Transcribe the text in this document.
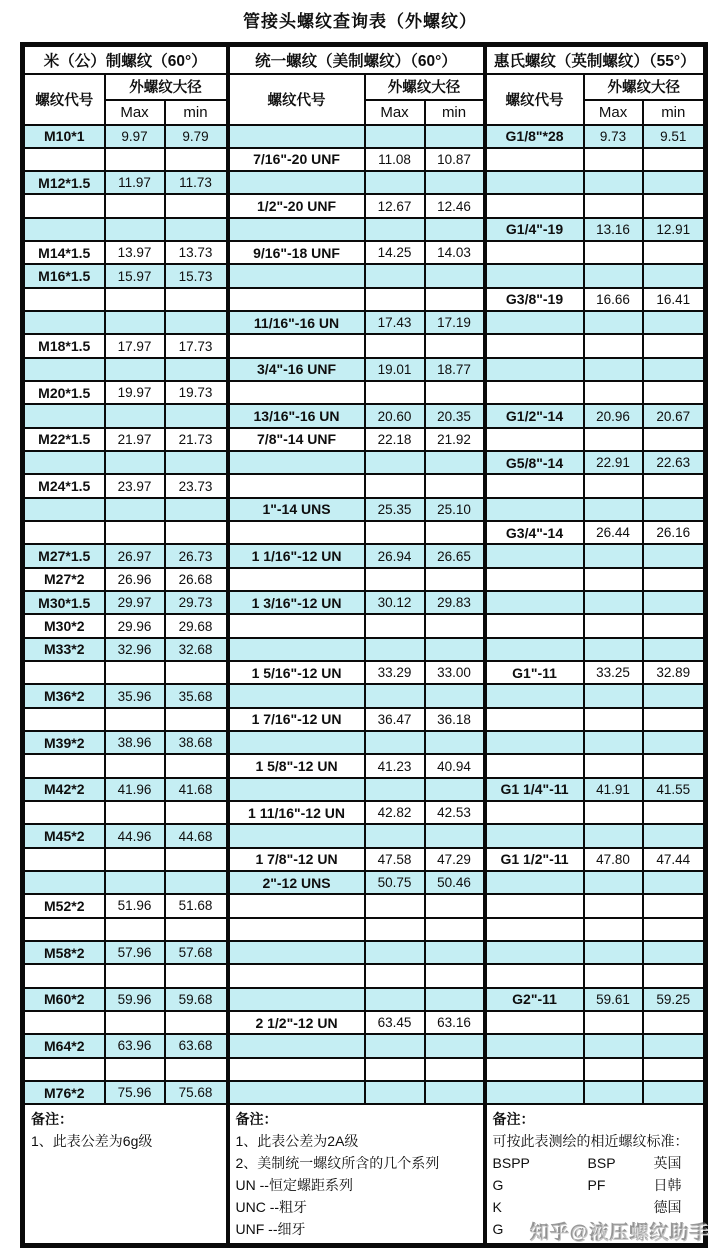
管接头螺纹查询表（外螺纹）
米（公）制螺纹（60°）			统一螺纹（美制螺纹）（60°）			惠氏螺纹（英制螺纹）（55°）		
螺纹代号	外螺纹大径		螺纹代号	外螺纹大径		螺纹代号	外螺纹大径	
	Max	min		Max	min		Max	min
M10*1	9.97	9.79				G1/8"*28	9.73	9.51
			7/16"-20 UNF	11.08	10.87			
M12*1.5	11.97	11.73						
			1/2"-20 UNF	12.67	12.46			
						G1/4"-19	13.16	12.91
M14*1.5	13.97	13.73	9/16"-18 UNF	14.25	14.03			
M16*1.5	15.97	15.73						
						G3/8"-19	16.66	16.41
			11/16"-16 UN	17.43	17.19			
M18*1.5	17.97	17.73						
			3/4"-16 UNF	19.01	18.77			
M20*1.5	19.97	19.73						
			13/16"-16 UN	20.60	20.35	G1/2"-14	20.96	20.67
M22*1.5	21.97	21.73	7/8"-14 UNF	22.18	21.92			
						G5/8"-14	22.91	22.63
M24*1.5	23.97	23.73						
			1"-14 UNS	25.35	25.10			
						G3/4"-14	26.44	26.16
M27*1.5	26.97	26.73	1 1/16"-12 UN	26.94	26.65			
M27*2	26.96	26.68						
M30*1.5	29.97	29.73	1 3/16"-12 UN	30.12	29.83			
M30*2	29.96	29.68						
M33*2	32.96	32.68						
			1 5/16"-12 UN	33.29	33.00	G1"-11	33.25	32.89
M36*2	35.96	35.68						
			1 7/16"-12 UN	36.47	36.18			
M39*2	38.96	38.68						
			1 5/8"-12 UN	41.23	40.94			
M42*2	41.96	41.68				G1 1/4"-11	41.91	41.55
			1 11/16"-12 UN	42.82	42.53			
M45*2	44.96	44.68						
			1 7/8"-12 UN	47.58	47.29	G1 1/2"-11	47.80	47.44
			2"-12 UNS	50.75	50.46			
M52*2	51.96	51.68						

M58*2	57.96	57.68						

M60*2	59.96	59.68				G2"-11	59.61	59.25
			2 1/2"-12 UN	63.45	63.16			
M64*2	63.96	63.68						

M76*2	75.96	75.68						

备注：
1、此表公差为6g级

备注：
1、此表公差为2A级
2、美制统一螺纹所含的几个系列
UN --恒定螺距系列
UNC --粗牙
UNF --细牙

备注：
可按此表测绘的相近螺纹标准：
BSPP	BSP	英国
G	PF	日韩
K	德国
G	知乎@液压螺纹助手
